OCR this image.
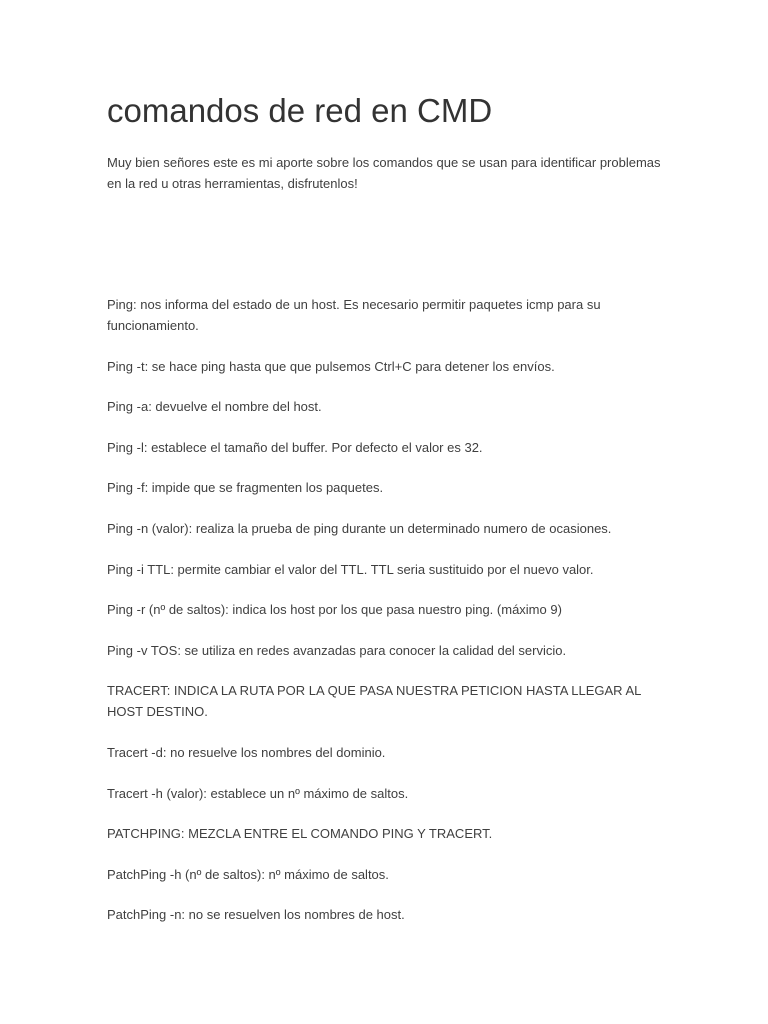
comandos de red en CMD

Muy bien señores este es mi aporte sobre los comandos que se usan para identificar problemas en la red u otras herramientas, disfrutenlos!

Ping: nos informa del estado de un host. Es necesario permitir paquetes icmp para su funcionamiento.
Ping -t: se hace ping hasta que que pulsemos Ctrl+C para detener los envíos.
Ping -a: devuelve el nombre del host.
Ping -l: establece el tamaño del buffer. Por defecto el valor es 32.
Ping -f: impide que se fragmenten los paquetes.
Ping -n (valor): realiza la prueba de ping durante un determinado numero de ocasiones.
Ping -i TTL: permite cambiar el valor del TTL. TTL seria sustituido por el nuevo valor.
Ping -r (nº de saltos): indica los host por los que pasa nuestro ping. (máximo 9)
Ping -v TOS: se utiliza en redes avanzadas para conocer la calidad del servicio.
TRACERT: INDICA LA RUTA POR LA QUE PASA NUESTRA PETICION HASTA LLEGAR AL HOST DESTINO.
Tracert -d: no resuelve los nombres del dominio.
Tracert -h (valor): establece un nº máximo de saltos.
PATCHPING: MEZCLA ENTRE EL COMANDO PING Y TRACERT.
PatchPing -h (nº de saltos): nº máximo de saltos.
PatchPing -n: no se resuelven los nombres de host.
